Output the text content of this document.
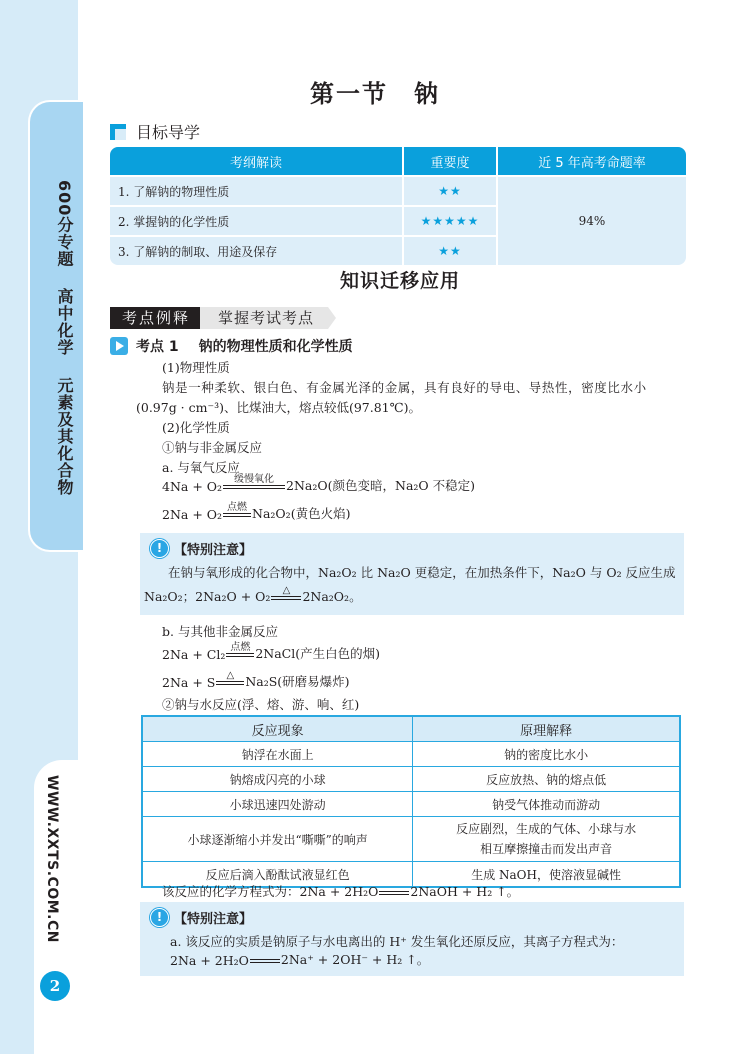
600分专题 高中化学 元素及其化合物
WWW.XXTS.COM.CN
2
第一节　钠
目标导学
考纲解读	重要度	近 5 年高考命题率
1. 了解钠的物理性质	★★	94%
2. 掌握钠的化学性质	★★★★★	
3. 了解钠的制取、用途及保存	★★	
知识迁移应用
考点例释	掌握考试考点
考点 1 钠的物理性质和化学性质
(1)物理性质
钠是一种柔软、银白色、有金属光泽的金属，具有良好的导电、导热性，密度比水小
(0.97g · cm⁻³)、比煤油大，熔点较低(97.81℃)。
(2)化学性质
①钠与非金属反应
a. 与氧气反应
4Na + O₂	缓慢氧化 2Na₂O(颜色变暗，Na₂O 不稳定)
2Na + O₂ 点燃 Na₂O₂(黄色火焰)
! 【特别注意】
在钠与氧形成的化合物中，Na₂O₂ 比 Na₂O 更稳定，在加热条件下，Na₂O 与 O₂ 反应生成
Na₂O₂；2Na₂O + O₂	△ 2Na₂O₂。
b. 与其他非金属反应
2Na + Cl₂ 点燃 2NaCl(产生白色的烟)
2Na + S	△ Na₂S(研磨易爆炸)
②钠与水反应(浮、熔、游、响、红)
反应现象	原理解释
钠浮在水面上	钠的密度比水小
钠熔成闪亮的小球	反应放热、钠的熔点低
小球迅速四处游动	钠受气体推动而游动
小球逐渐缩小并发出“嘶嘶”的响声	反应剧烈，生成的气体、小球与水
相互摩擦撞击而发出声音
反应后滴入酚酞试液显红色	生成 NaOH，使溶液显碱性
该反应的化学方程式为：2Na + 2H₂O	2NaOH + H₂ ↑。
! 【特别注意】
a. 该反应的实质是钠原子与水电离出的 H⁺ 发生氧化还原反应，其离子方程式为：
2Na + 2H₂O	2Na⁺ + 2OH⁻ + H₂ ↑。
